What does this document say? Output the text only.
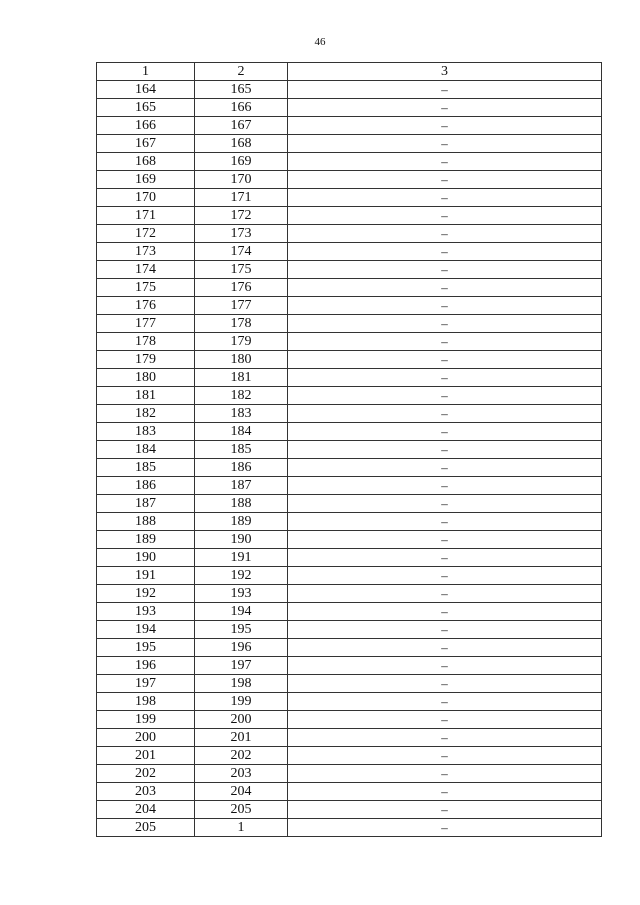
46
1	2	3
164	165	–
165	166	–
166	167	–
167	168	–
168	169	–
169	170	–
170	171	–
171	172	–
172	173	–
173	174	–
174	175	–
175	176	–
176	177	–
177	178	–
178	179	–
179	180	–
180	181	–
181	182	–
182	183	–
183	184	–
184	185	–
185	186	–
186	187	–
187	188	–
188	189	–
189	190	–
190	191	–
191	192	–
192	193	–
193	194	–
194	195	–
195	196	–
196	197	–
197	198	–
198	199	–
199	200	–
200	201	–
201	202	–
202	203	–
203	204	–
204	205	–
205	1	–
